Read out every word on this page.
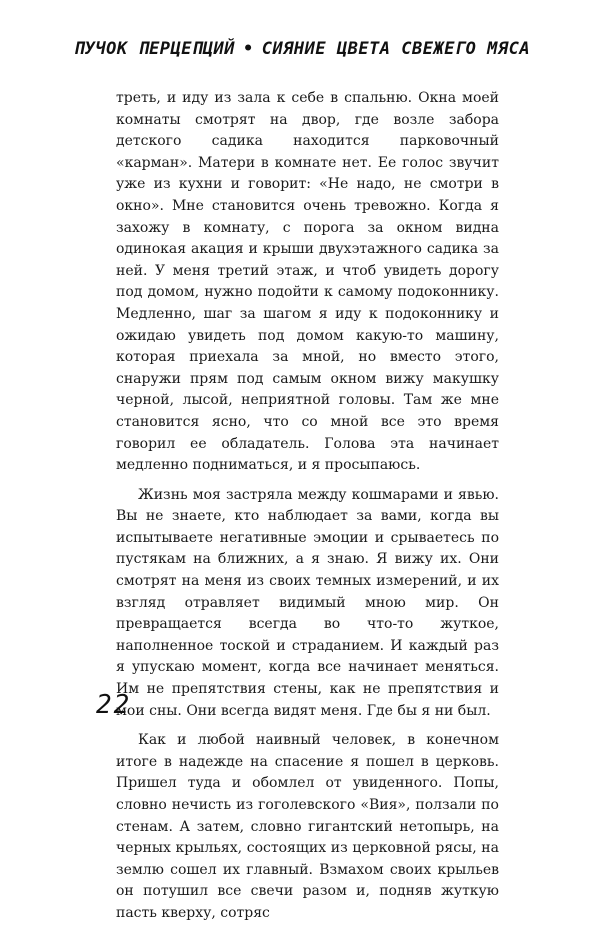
ПУЧОК ПЕРЦЕПЦИЙ • СИЯНИЕ ЦВЕТА СВЕЖЕГО МЯСА

треть, и иду из зала к себе в спальню. Окна моей комнаты смотрят на двор, где возле забора детского садика находится парковочный «карман». Матери в комнате нет. Ее голос звучит уже из кухни и говорит: «Не надо, не смотри в окно». Мне становится очень тревожно. Когда я захожу в комнату, с порога за окном видна одинокая акация и крыши двухэтажного садика за ней. У меня третий этаж, и чтоб увидеть дорогу под домом, нужно подойти к самому подоконнику. Медленно, шаг за шагом я иду к подоконнику и ожидаю увидеть под домом какую-то машину, которая приехала за мной, но вместо этого, снаружи прям под самым окном вижу макушку черной, лысой, неприятной головы. Там же мне становится ясно, что со мной все это время говорил ее обладатель. Голова эта начинает медленно подниматься, и я просыпаюсь.

Жизнь моя застряла между кошмарами и явью. Вы не знаете, кто наблюдает за вами, когда вы испытываете негативные эмоции и срываетесь по пустякам на ближних, а я знаю. Я вижу их. Они смотрят на меня из своих темных измерений, и их взгляд отравляет видимый мною мир. Он превращается всегда во что-то жуткое, наполненное тоской и страданием. И каждый раз я упускаю момент, когда все начинает меняться. Им не препятствия стены, как не препятствия и мои сны. Они всегда видят меня. Где бы я ни был.

Как и любой наивный человек, в конечном итоге в надежде на спасение я пошел в церковь. Пришел туда и обомлел от увиденного. Попы, словно нечисть из гоголевского «Вия», ползали по стенам. А затем, словно гигантский нетопырь, на черных крыльях, состоящих из церковной рясы, на землю сошел их главный. Взмахом своих крыльев он потушил все свечи разом и, подняв жуткую пасть кверху, сотряс

22
